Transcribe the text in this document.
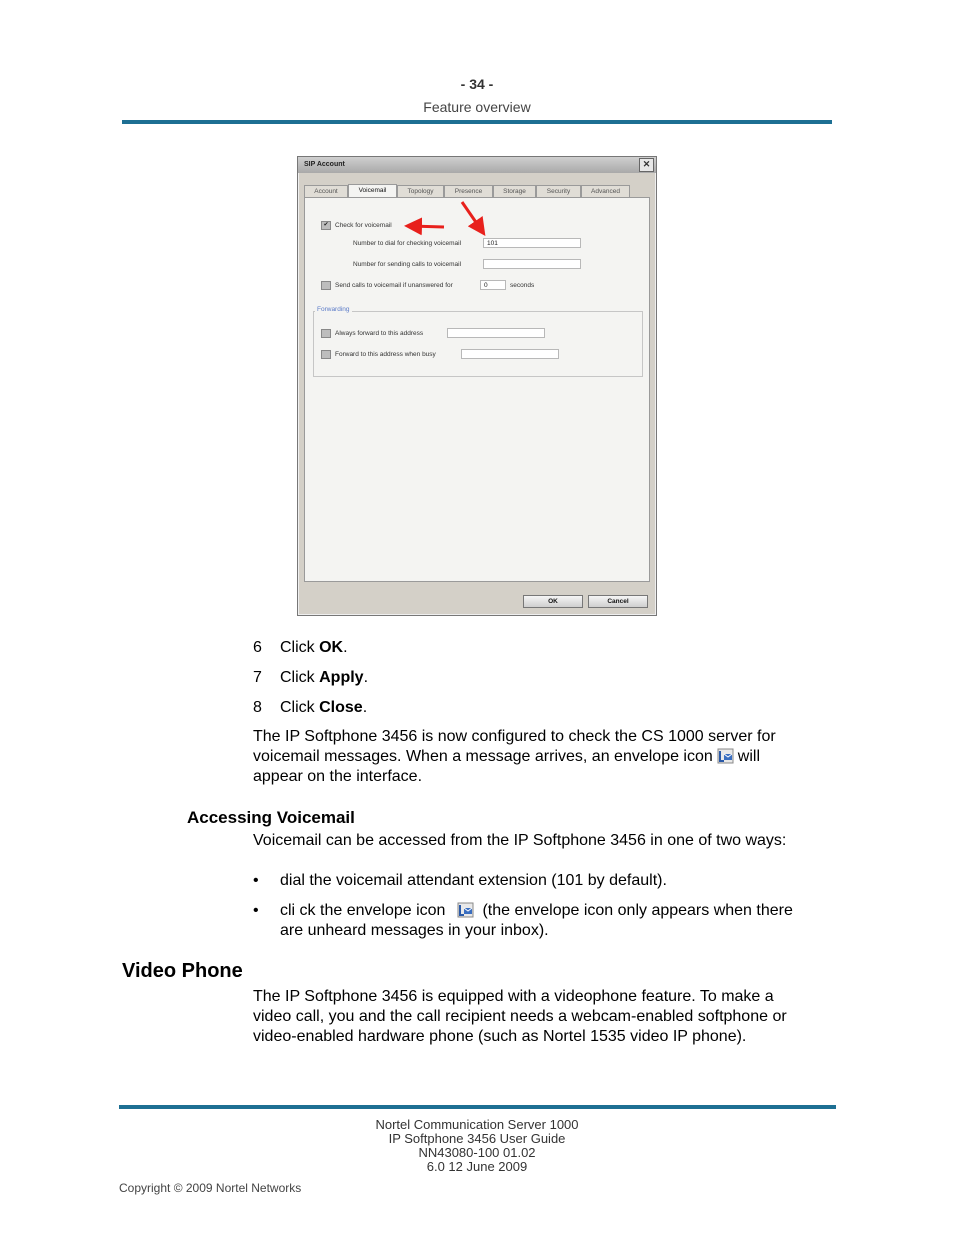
- 34 -
Feature overview
SIP Account	✕
Account	Voicemail	Topology	Presence	Storage	Security	Advanced
✔ Check for voicemail
Number to dial for checking voicemail	101
Number for sending calls to voicemail
Send calls to voicemail if unanswered for	0	seconds
Forwarding
Always forward to this address
Forward to this address when busy
OK	Cancel
6 Click OK.
7 Click Apply.
8 Click Close.
The IP Softphone 3456 is now configured to check the CS 1000 server for
voicemail messages. When a message arrives, an envelope icon will
appear on the interface.
Accessing Voicemail
Voicemail can be accessed from the IP Softphone 3456 in one of two ways:
• dial the voicemail attendant extension (101 by default).
• cli ck the envelope icon (the envelope icon only appears when there
are unheard messages in your inbox).
Video Phone
The IP Softphone 3456 is equipped with a videophone feature. To make a
video call, you and the call recipient needs a webcam-enabled softphone or
video-enabled hardware phone (such as Nortel 1535 video IP phone).
Nortel Communication Server 1000
IP Softphone 3456 User Guide
NN43080-100 01.02
6.0 12 June 2009
Copyright © 2009 Nortel Networks
